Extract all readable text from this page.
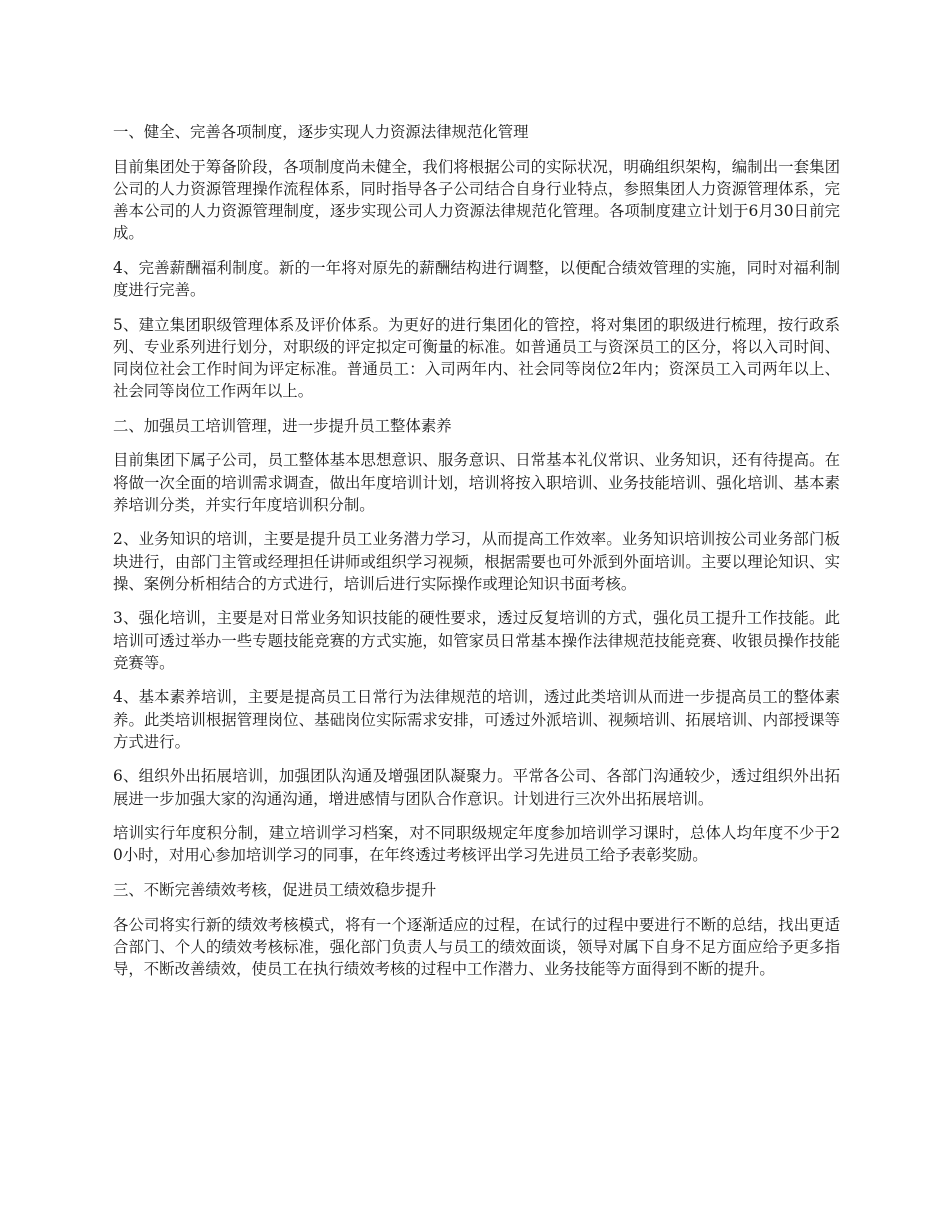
一、健全、完善各项制度，逐步实现人力资源法律规范化管理

目前集团处于筹备阶段，各项制度尚未健全，我们将根据公司的实际状况，明确组织架构，编制出一套集团公司的人力资源管理操作流程体系，同时指导各子公司结合自身行业特点，参照集团人力资源管理体系，完善本公司的人力资源管理制度，逐步实现公司人力资源法律规范化管理。各项制度建立计划于6月30日前完成。

4、完善薪酬福利制度。新的一年将对原先的薪酬结构进行调整，以便配合绩效管理的实施，同时对福利制度进行完善。

5、建立集团职级管理体系及评价体系。为更好的进行集团化的管控，将对集团的职级进行梳理，按行政系列、专业系列进行划分，对职级的评定拟定可衡量的标准。如普通员工与资深员工的区分，将以入司时间、同岗位社会工作时间为评定标准。普通员工：入司两年内、社会同等岗位2年内；资深员工入司两年以上、社会同等岗位工作两年以上。

二、加强员工培训管理，进一步提升员工整体素养

目前集团下属子公司，员工整体基本思想意识、服务意识、日常基本礼仪常识、业务知识，还有待提高。在将做一次全面的培训需求调查，做出年度培训计划，培训将按入职培训、业务技能培训、强化培训、基本素养培训分类，并实行年度培训积分制。

2、业务知识的培训，主要是提升员工业务潜力学习，从而提高工作效率。业务知识培训按公司业务部门板块进行，由部门主管或经理担任讲师或组织学习视频，根据需要也可外派到外面培训。主要以理论知识、实操、案例分析相结合的方式进行，培训后进行实际操作或理论知识书面考核。

3、强化培训，主要是对日常业务知识技能的硬性要求，透过反复培训的方式，强化员工提升工作技能。此培训可透过举办一些专题技能竞赛的方式实施，如管家员日常基本操作法律规范技能竞赛、收银员操作技能竞赛等。

4、基本素养培训，主要是提高员工日常行为法律规范的培训，透过此类培训从而进一步提高员工的整体素养。此类培训根据管理岗位、基础岗位实际需求安排，可透过外派培训、视频培训、拓展培训、内部授课等方式进行。

6、组织外出拓展培训，加强团队沟通及增强团队凝聚力。平常各公司、各部门沟通较少，透过组织外出拓展进一步加强大家的沟通沟通，增进感情与团队合作意识。计划进行三次外出拓展培训。

培训实行年度积分制，建立培训学习档案，对不同职级规定年度参加培训学习课时，总体人均年度不少于20小时，对用心参加培训学习的同事，在年终透过考核评出学习先进员工给予表彰奖励。

三、不断完善绩效考核，促进员工绩效稳步提升

各公司将实行新的绩效考核模式，将有一个逐渐适应的过程，在试行的过程中要进行不断的总结，找出更适合部门、个人的绩效考核标准，强化部门负责人与员工的绩效面谈，领导对属下自身不足方面应给予更多指导，不断改善绩效，使员工在执行绩效考核的过程中工作潜力、业务技能等方面得到不断的提升。
